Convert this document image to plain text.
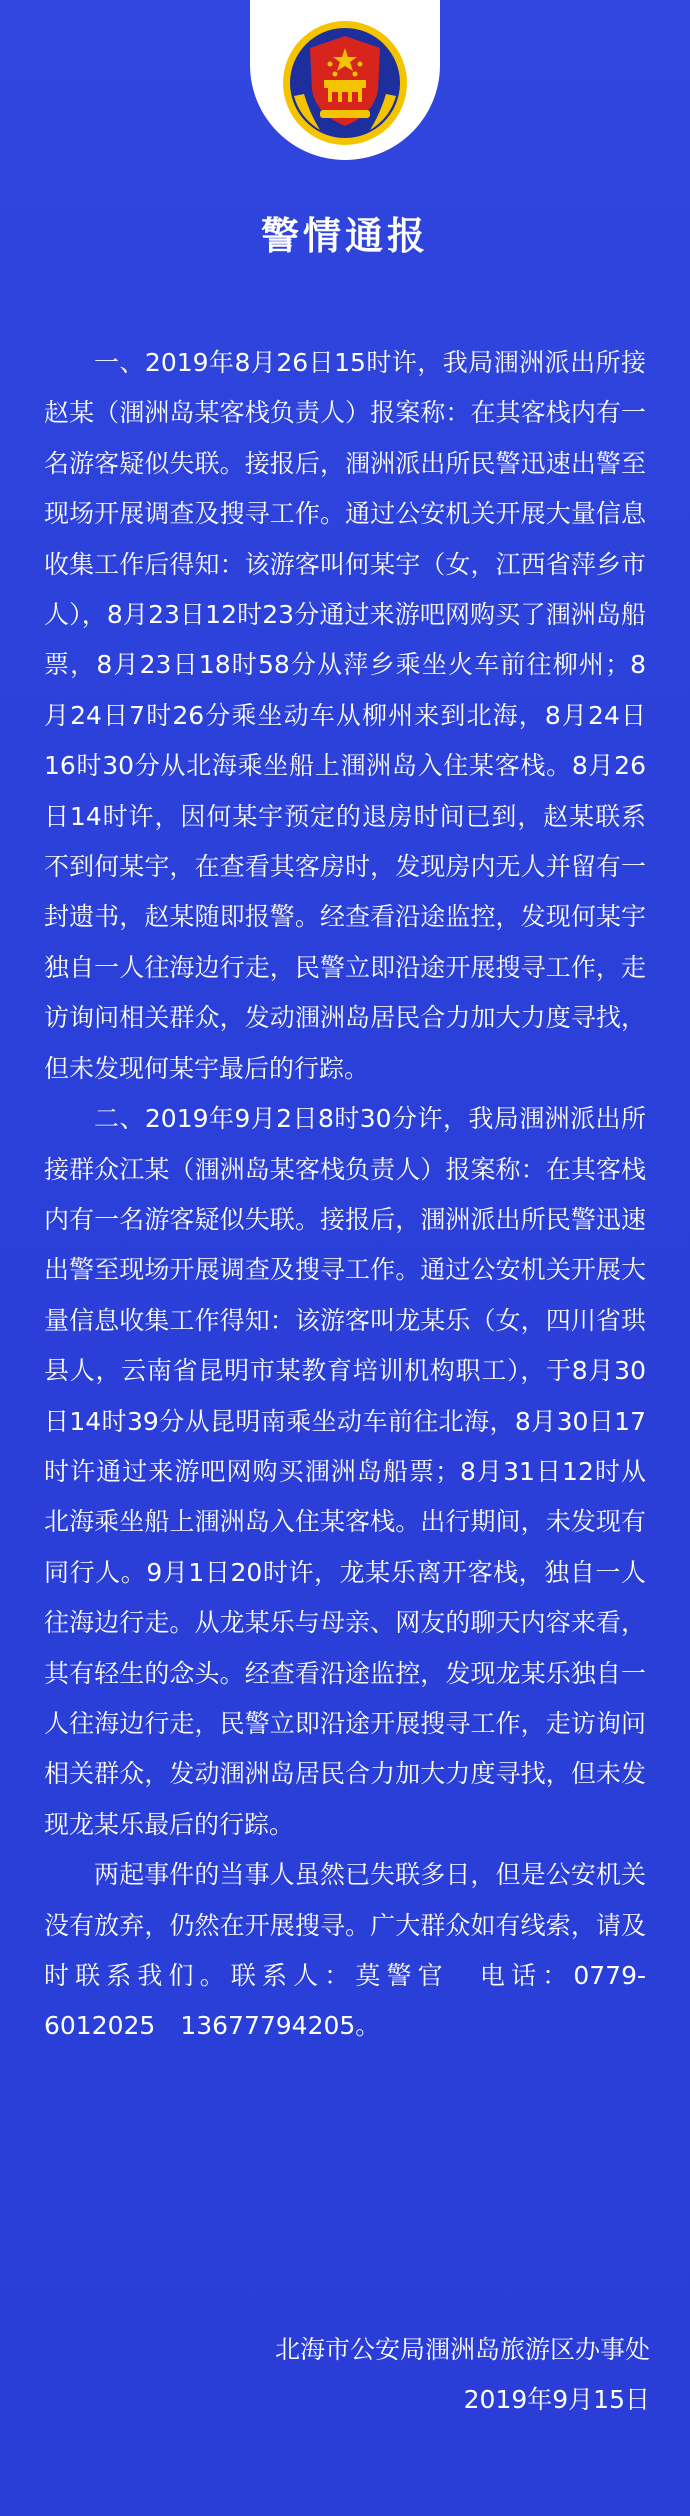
警情通报

一、2019年8月26日15时许，我局涠洲派出所接赵某（涠洲岛某客栈负责人）报案称：在其客栈内有一名游客疑似失联。接报后，涠洲派出所民警迅速出警至现场开展调查及搜寻工作。通过公安机关开展大量信息收集工作后得知：该游客叫何某宇（女，江西省萍乡市人），8月23日12时23分通过来游吧网购买了涠洲岛船票，8月23日18时58分从萍乡乘坐火车前往柳州；8月24日7时26分乘坐动车从柳州来到北海，8月24日16时30分从北海乘坐船上涠洲岛入住某客栈。8月26日14时许，因何某宇预定的退房时间已到，赵某联系不到何某宇，在查看其客房时，发现房内无人并留有一封遗书，赵某随即报警。经查看沿途监控，发现何某宇独自一人往海边行走，民警立即沿途开展搜寻工作，走访询问相关群众，发动涠洲岛居民合力加大力度寻找，但未发现何某宇最后的行踪。

二、2019年9月2日8时30分许，我局涠洲派出所接群众江某（涠洲岛某客栈负责人）报案称：在其客栈内有一名游客疑似失联。接报后，涠洲派出所民警迅速出警至现场开展调查及搜寻工作。通过公安机关开展大量信息收集工作得知：该游客叫龙某乐（女，四川省珙县人，云南省昆明市某教育培训机构职工），于8月30日14时39分从昆明南乘坐动车前往北海，8月30日17时许通过来游吧网购买涠洲岛船票；8月31日12时从北海乘坐船上涠洲岛入住某客栈。出行期间，未发现有同行人。9月1日20时许，龙某乐离开客栈，独自一人往海边行走。从龙某乐与母亲、网友的聊天内容来看，其有轻生的念头。经查看沿途监控，发现龙某乐独自一人往海边行走，民警立即沿途开展搜寻工作，走访询问相关群众，发动涠洲岛居民合力加大力度寻找，但未发现龙某乐最后的行踪。

两起事件的当事人虽然已失联多日，但是公安机关没有放弃，仍然在开展搜寻。广大群众如有线索，请及时联系我们。联系人：莫警官　电话：0779-6012025　13677794205。

北海市公安局涠洲岛旅游区办事处
2019年9月15日
